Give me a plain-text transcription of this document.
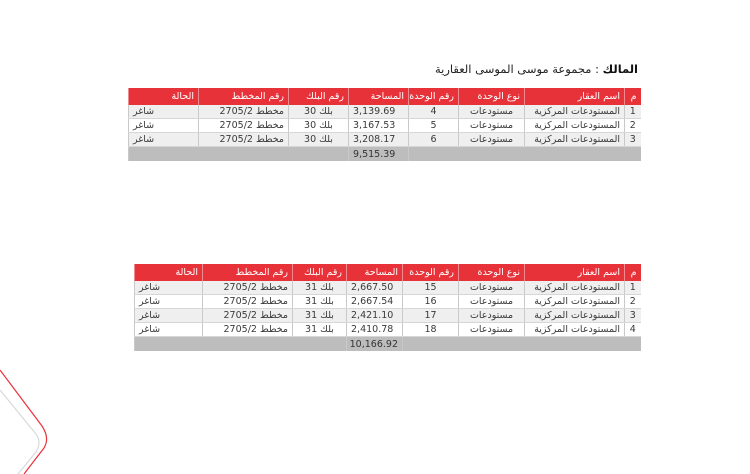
المالك : مجموعة موسى الموسى العقارية
م	اسم العقار	نوع الوحدة	رقم الوحدة	المساحة	رقم البلك	رقم المخطط	الحالة
1	المستودعات المركزية	مستودعات	4	3,139.69	بلك 30	مخطط 2705/2	شاغر
2	المستودعات المركزية	مستودعات	5	3,167.53	بلك 30	مخطط 2705/2	شاغر
3	المستودعات المركزية	مستودعات	6	3,208.17	بلك 30	مخطط 2705/2	شاغر
				9,515.39			
م	اسم العقار	نوع الوحدة	رقم الوحدة	المساحة	رقم البلك	رقم المخطط	الحالة
1	المستودعات المركزية	مستودعات	15	2,667.50	بلك 31	مخطط 2705/2	شاغر
2	المستودعات المركزية	مستودعات	16	2,667.54	بلك 31	مخطط 2705/2	شاغر
3	المستودعات المركزية	مستودعات	17	2,421.10	بلك 31	مخطط 2705/2	شاغر
4	المستودعات المركزية	مستودعات	18	2,410.78	بلك 31	مخطط 2705/2	شاغر
				10,166.92			
